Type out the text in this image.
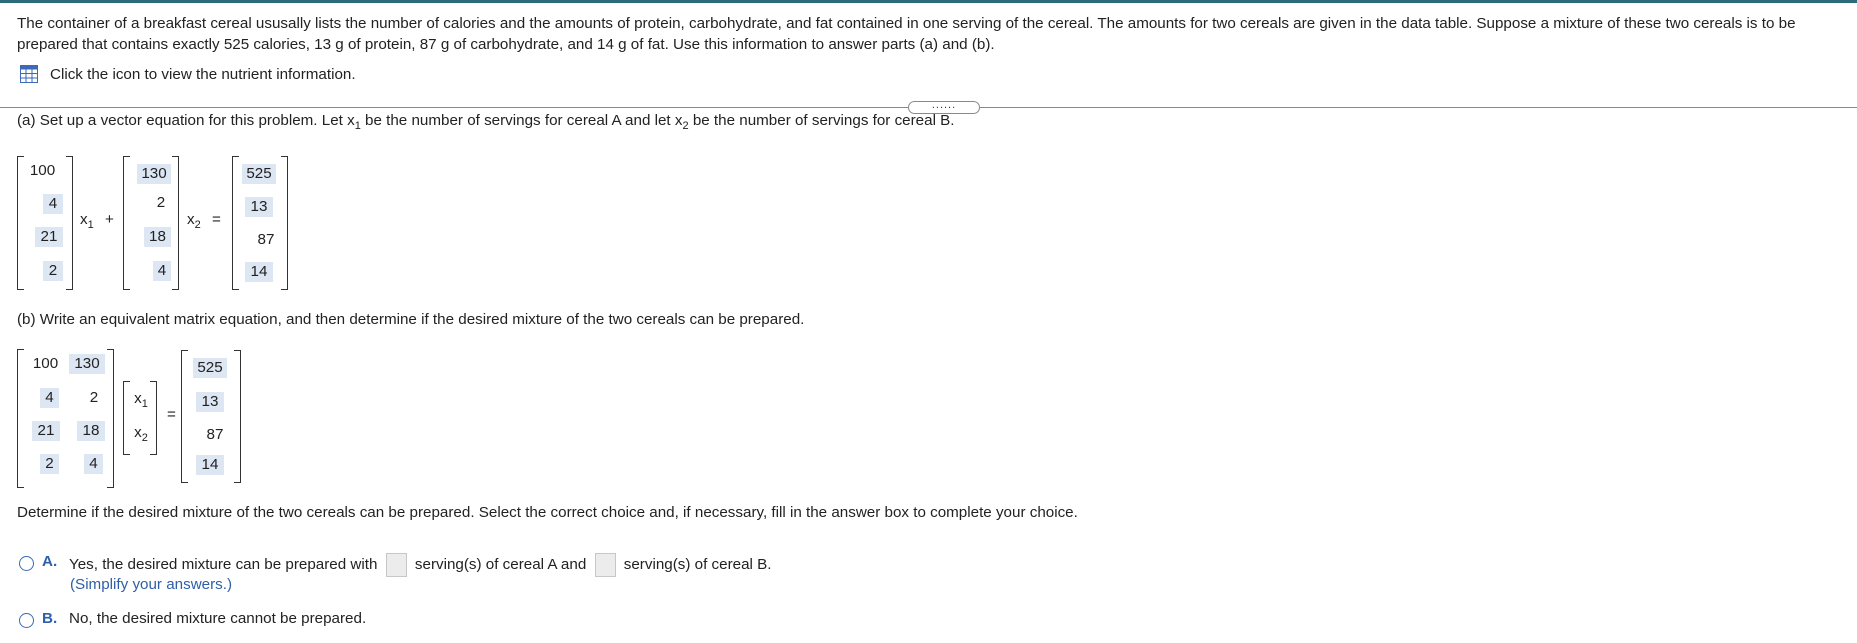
The container of a breakfast cereal ususally lists the number of calories and the amounts of protein, carbohydrate, and fat contained in one serving of the cereal. The amounts for two cereals are given in the data table. Suppose a mixture of these two cereals is to be prepared that contains exactly 525 calories, 13 g of protein, 87 g of carbohydrate, and 14 g of fat. Use this information to answer parts (a) and (b).
Click the icon to view the nutrient information.
......
(a) Set up a vector equation for this problem. Let $x_1$ be the number of servings for cereal A and let $x_2$ be the number of servings for cereal B.
100
4
21
2
$x_1$ +
130
2
18
4
$x_2$ =
525
13
87
14
(b) Write an equivalent matrix equation, and then determine if the desired mixture of the two cereals can be prepared.
100	130
4	2
21	18
2	4
$x_1$
$x_2$
=
525
13
87
14
Determine if the desired mixture of the two cereals can be prepared. Select the correct choice and, if necessary, fill in the answer box to complete your choice.
A. Yes, the desired mixture can be prepared with serving(s) of cereal A and serving(s) of cereal B.
(Simplify your answers.)
B. No, the desired mixture cannot be prepared.
